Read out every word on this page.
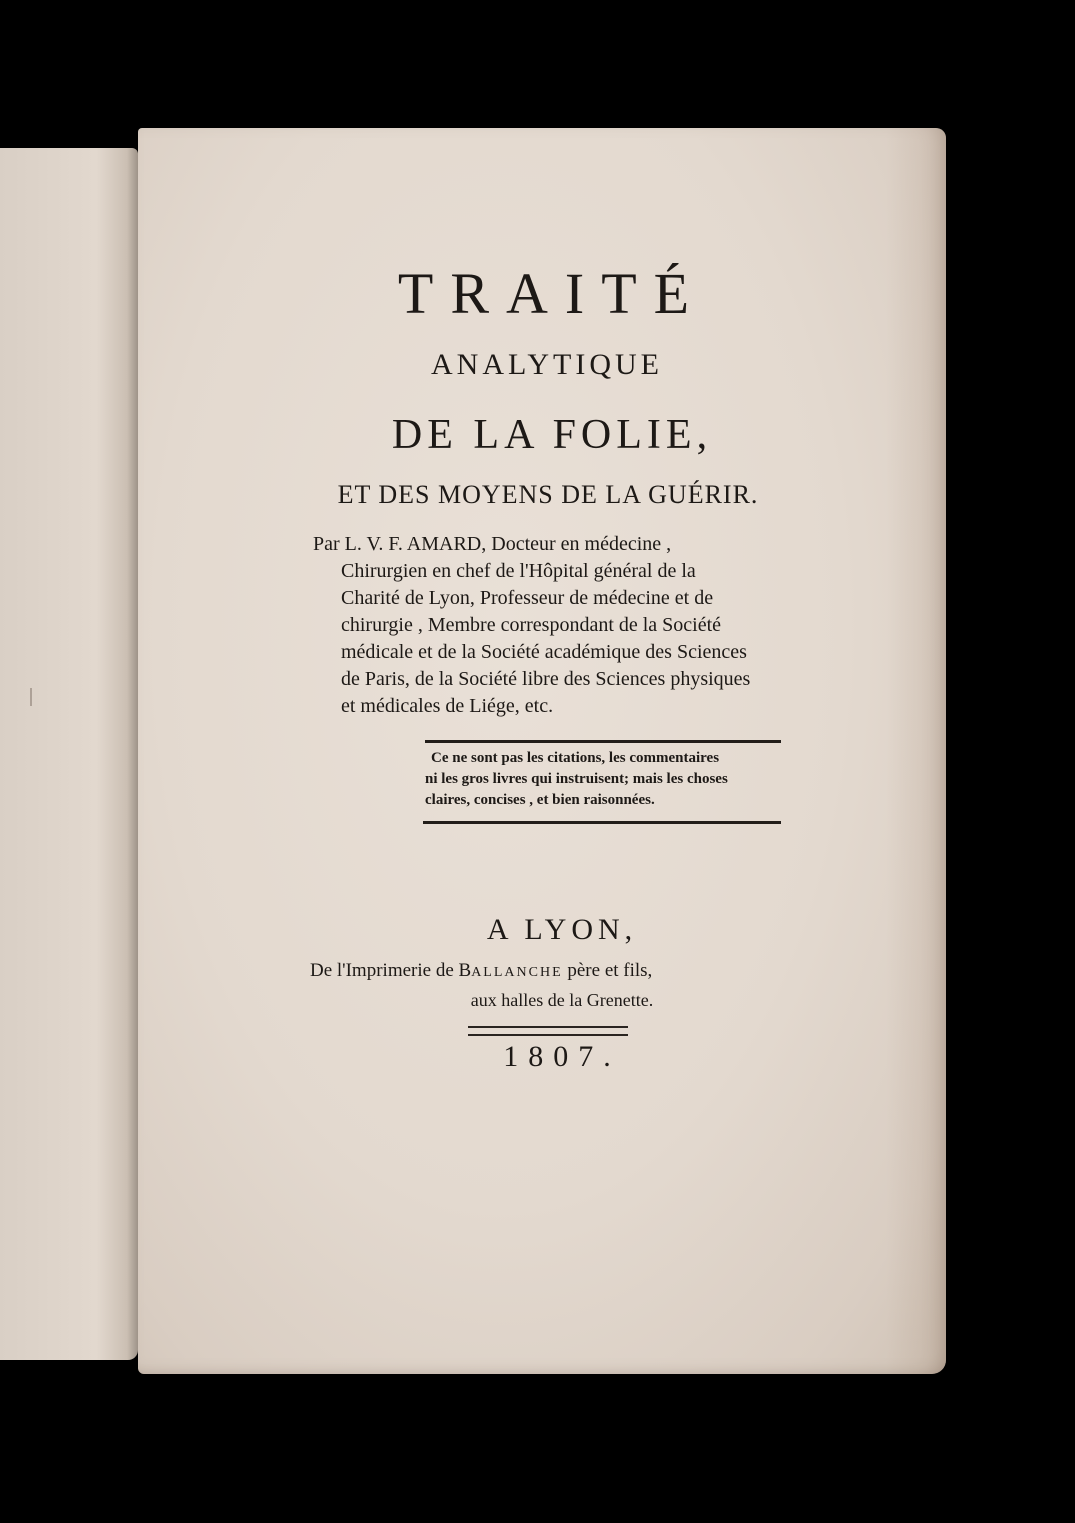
TRAITÉ
ANALYTIQUE
DE LA FOLIE,
ET DES MOYENS DE LA GUÉRIR.
Par L. V. F. AMARD, Docteur en médecine ,
Chirurgien en chef de l'Hôpital général de la
Charité de Lyon, Professeur de médecine et de
chirurgie , Membre correspondant de la Société
médicale et de la Société académique des Sciences
de Paris, de la Société libre des Sciences physiques
et médicales de Liége, etc.
Ce ne sont pas les citations, les commentaires
ni les gros livres qui instruisent; mais les choses
claires, concises , et bien raisonnées.
A LYON,
De l'Imprimerie de BALLANCHE père et fils,
aux halles de la Grenette.
1807.
